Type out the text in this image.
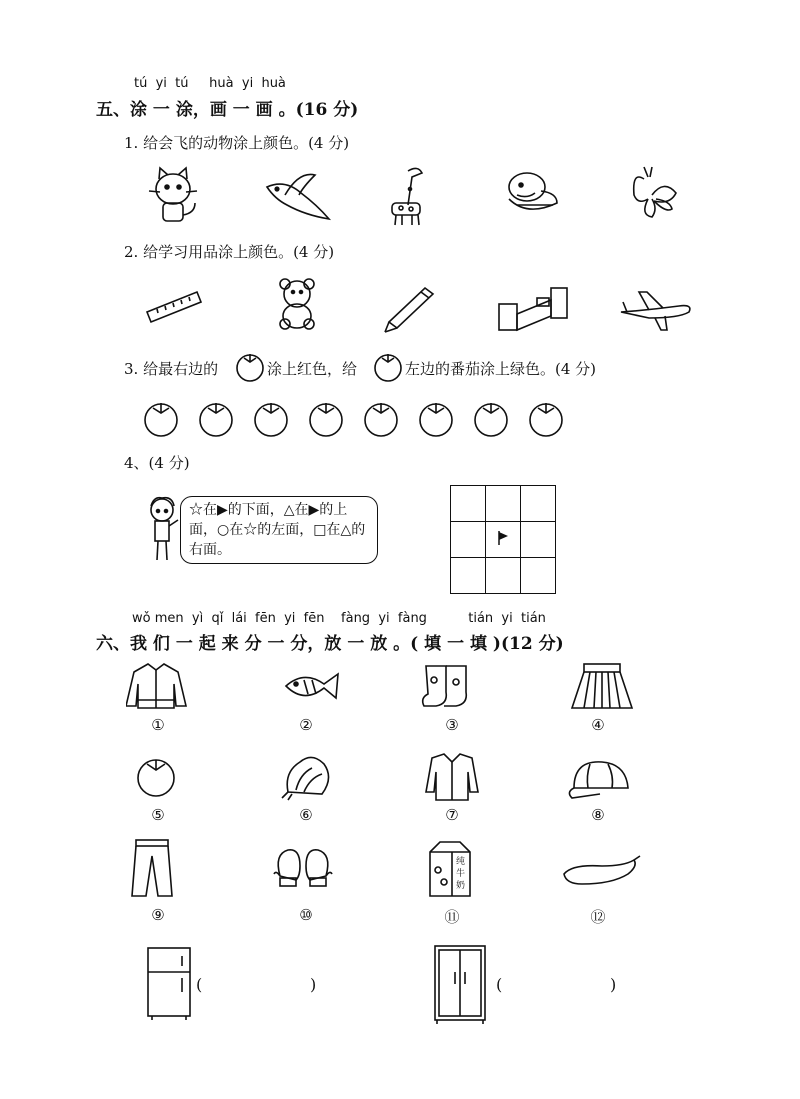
tú  yi  tú     huà  yi  huà
五、涂 一 涂，画 一 画 。(16 分)
1. 给会飞的动物涂上颜色。(4 分)
2. 给学习用品涂上颜色。(4 分)
3. 给最右边的	涂上红色，给	左边的番茄涂上绿色。(4 分)
4、(4 分)
☆在▶的下面，△在▶的上面，○在☆的左面，□在△的右面。

wǒ men  yì  qǐ  lái  fēn  yi  fēn    fàng  yi  fàng          tián  yi  tián
六、我 们 一 起 来 分 一 分，放 一 放 。( 填 一 填 )(12 分)
①	②	③	④
⑤	⑥	⑦	⑧
纯
牛
奶
⑨	⑩	⑪	⑫
(	)	(	)
